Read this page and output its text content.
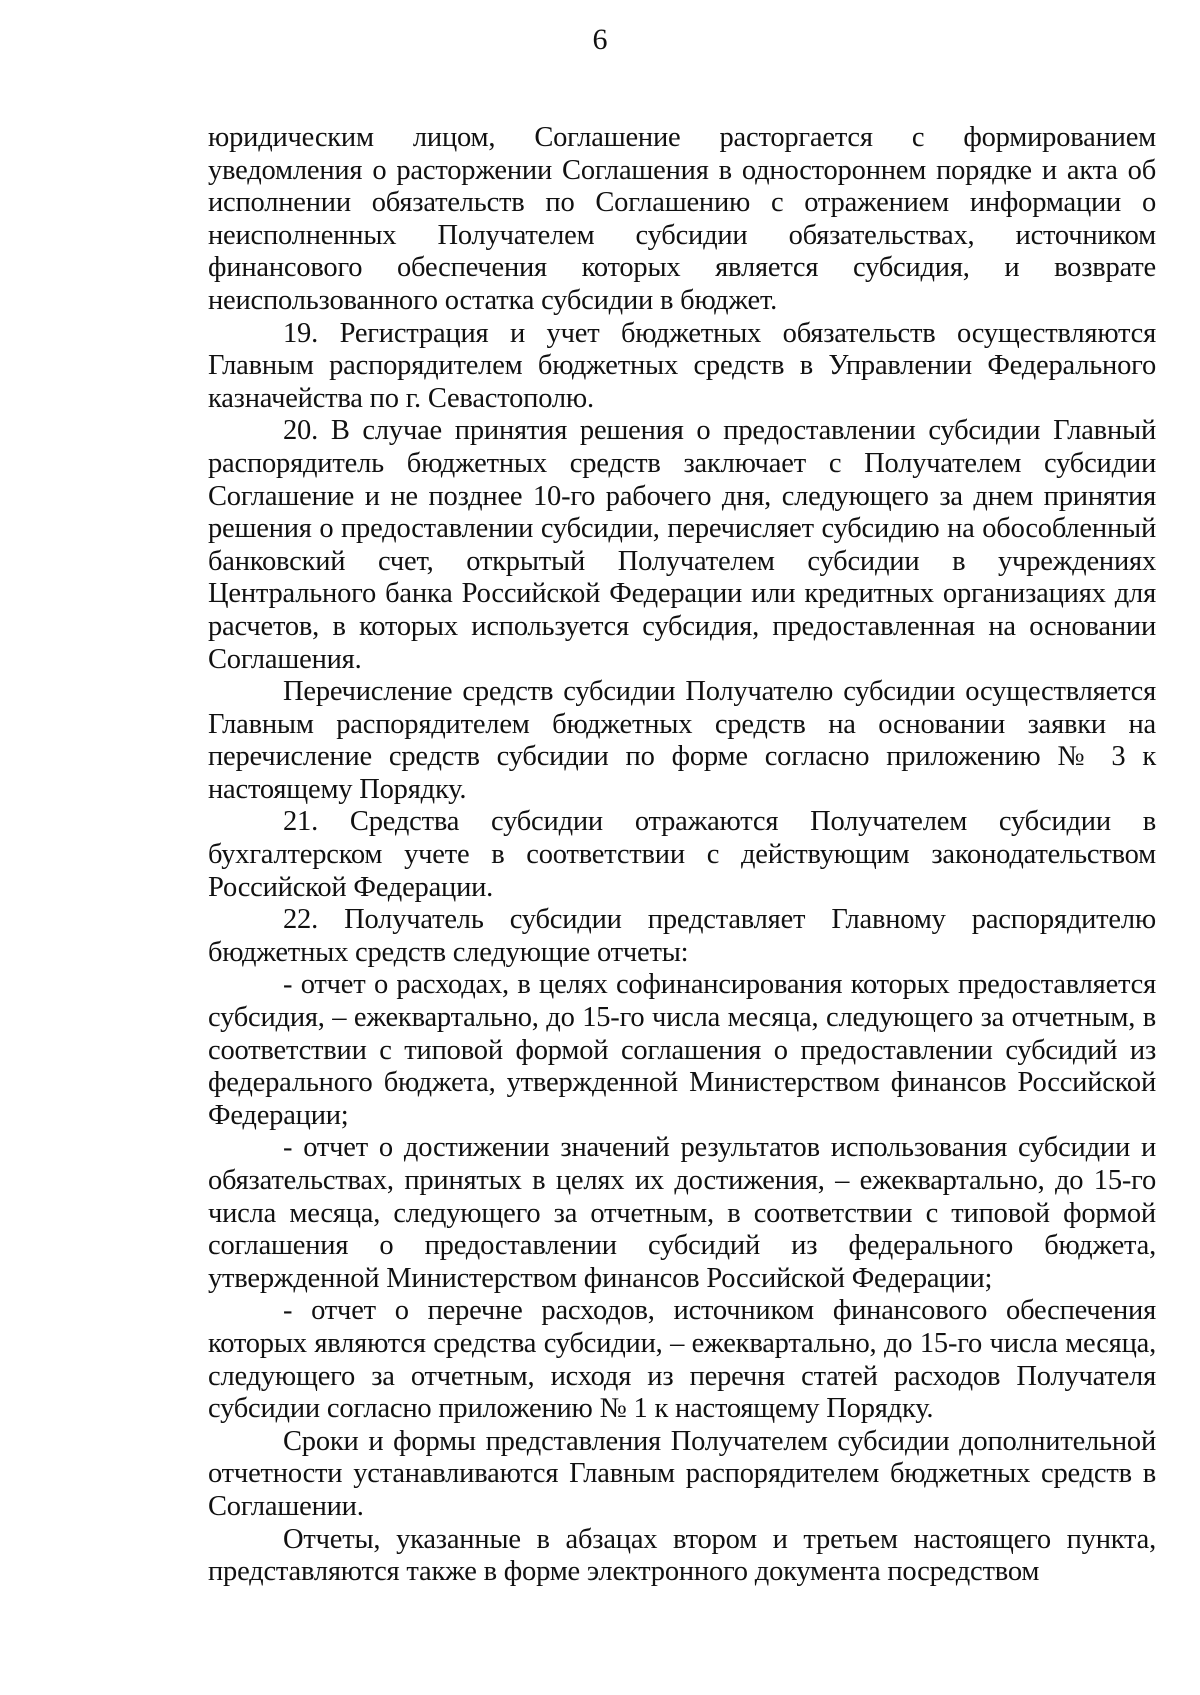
6

юридическим лицом, Соглашение расторгается с формированием уведомления о расторжении Соглашения в одностороннем порядке и акта об исполнении обязательств по Соглашению с отражением информации о неисполненных Получателем субсидии обязательствах, источником финансового обеспечения которых является субсидия, и возврате неиспользованного остатка субсидии в бюджет.

19. Регистрация и учет бюджетных обязательств осуществляются Главным распорядителем бюджетных средств в Управлении Федерального казначейства по г. Севастополю.

20. В случае принятия решения о предоставлении субсидии Главный распорядитель бюджетных средств заключает с Получателем субсидии Соглашение и не позднее 10-го рабочего дня, следующего за днем принятия решения о предоставлении субсидии, перечисляет субсидию на обособленный банковский счет, открытый Получателем субсидии в учреждениях Центрального банка Российской Федерации или кредитных организациях для расчетов, в которых используется субсидия, предоставленная на основании Соглашения.

Перечисление средств субсидии Получателю субсидии осуществляется Главным распорядителем бюджетных средств на основании заявки на перечисление средств субсидии по форме согласно приложению № 3 к настоящему Порядку.

21. Средства субсидии отражаются Получателем субсидии в бухгалтерском учете в соответствии с действующим законодательством Российской Федерации.

22. Получатель субсидии представляет Главному распорядителю бюджетных средств следующие отчеты:

- отчет о расходах, в целях софинансирования которых предоставляется субсидия, – ежеквартально, до 15-го числа месяца, следующего за отчетным, в соответствии с типовой формой соглашения о предоставлении субсидий из федерального бюджета, утвержденной Министерством финансов Российской Федерации;

- отчет о достижении значений результатов использования субсидии и обязательствах, принятых в целях их достижения, – ежеквартально, до 15-го числа месяца, следующего за отчетным, в соответствии с типовой формой соглашения о предоставлении субсидий из федерального бюджета, утвержденной Министерством финансов Российской Федерации;

- отчет о перечне расходов, источником финансового обеспечения которых являются средства субсидии, – ежеквартально, до 15-го числа месяца, следующего за отчетным, исходя из перечня статей расходов Получателя субсидии согласно приложению № 1 к настоящему Порядку.

Сроки и формы представления Получателем субсидии дополнительной отчетности устанавливаются Главным распорядителем бюджетных средств в Соглашении.

Отчеты, указанные в абзацах втором и третьем настоящего пункта, представляются также в форме электронного документа посредством
